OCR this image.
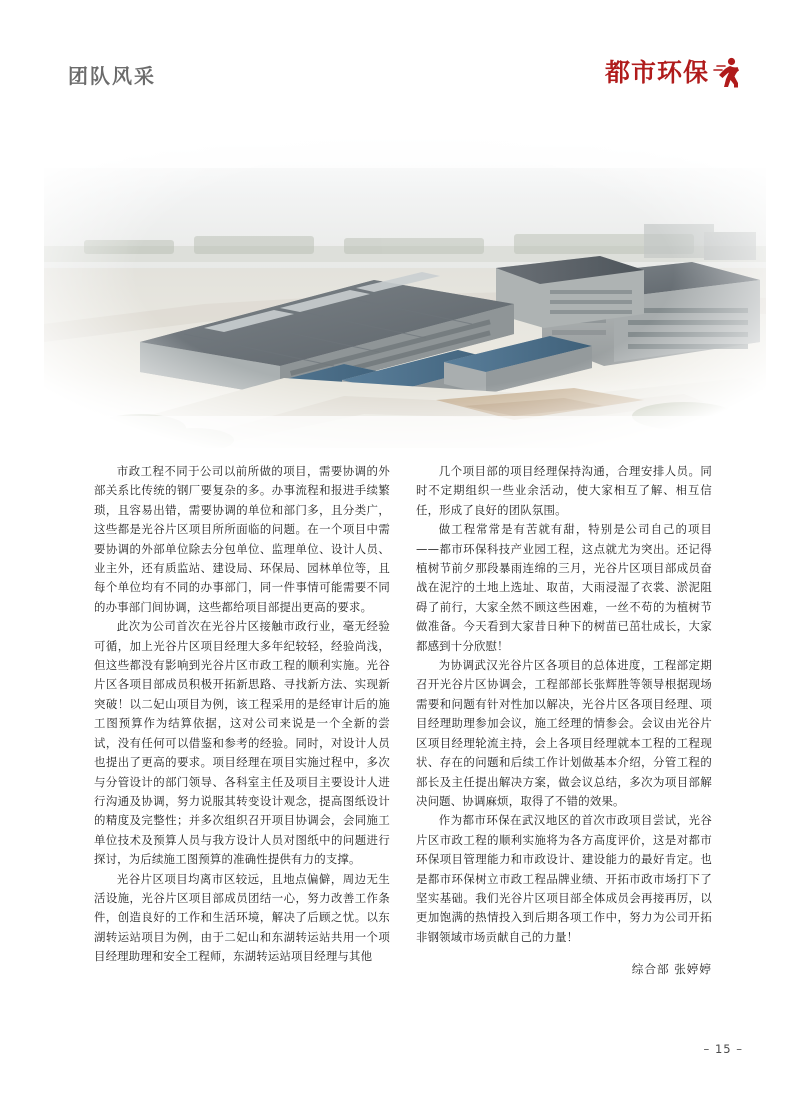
团队风采	都市环保

市政工程不同于公司以前所做的项目，需要协调的外部关系比传统的钢厂要复杂的多。办事流程和报进手续繁琐，且容易出错，需要协调的单位和部门多，且分类广，这些都是光谷片区项目所所面临的问题。在一个项目中需要协调的外部单位除去分包单位、监理单位、设计人员、业主外，还有质监站、建设局、环保局、园林单位等，且每个单位均有不同的办事部门，同一件事情可能需要不同的办事部门间协调，这些都给项目部提出更高的要求。

此次为公司首次在光谷片区接触市政行业，毫无经验可循，加上光谷片区项目经理大多年纪较轻，经验尚浅，但这些都没有影响到光谷片区市政工程的顺利实施。光谷片区各项目部成员积极开拓新思路、寻找新方法、实现新突破！以二妃山项目为例，该工程采用的是经审计后的施工图预算作为结算依据，这对公司来说是一个全新的尝试，没有任何可以借鉴和参考的经验。同时，对设计人员也提出了更高的要求。项目经理在项目实施过程中，多次与分管设计的部门领导、各科室主任及项目主要设计人进行沟通及协调，努力说服其转变设计观念，提高图纸设计的精度及完整性；并多次组织召开项目协调会，会同施工单位技术及预算人员与我方设计人员对图纸中的问题进行探讨，为后续施工图预算的准确性提供有力的支撑。

光谷片区项目均离市区较远，且地点偏僻，周边无生活设施，光谷片区项目部成员团结一心，努力改善工作条件，创造良好的工作和生活环境，解决了后顾之忧。以东湖转运站项目为例，由于二妃山和东湖转运站共用一个项目经理助理和安全工程师，东湖转运站项目经理与其他

几个项目部的项目经理保持沟通，合理安排人员。同时不定期组织一些业余活动，使大家相互了解、相互信任，形成了良好的团队氛围。

做工程常常是有苦就有甜，特别是公司自己的项目——都市环保科技产业园工程，这点就尤为突出。还记得植树节前夕那段暴雨连绵的三月，光谷片区项目部成员奋战在泥泞的土地上选址、取苗，大雨浸湿了衣裳、淤泥阻碍了前行，大家全然不顾这些困难，一丝不苟的为植树节做准备。今天看到大家昔日种下的树苗已茁壮成长，大家都感到十分欣慰！

为协调武汉光谷片区各项目的总体进度，工程部定期召开光谷片区协调会，工程部部长张辉胜等领导根据现场需要和问题有针对性加以解决，光谷片区各项目经理、项目经理助理参加会议，施工经理的情参会。会议由光谷片区项目经理轮流主持，会上各项目经理就本工程的工程现状、存在的问题和后续工作计划做基本介绍，分管工程的部长及主任提出解决方案，做会议总结，多次为项目部解决问题、协调麻烦，取得了不错的效果。

作为都市环保在武汉地区的首次市政项目尝试，光谷片区市政工程的顺利实施将为各方高度评价，这是对都市环保项目管理能力和市政设计、建设能力的最好肯定。也是都市环保树立市政工程品牌业绩、开拓市政市场打下了坚实基础。我们光谷片区项目部全体成员会再接再厉，以更加饱满的热情投入到后期各项工作中，努力为公司开拓非钢领域市场贡献自己的力量！

综合部 张婷婷
– 15 –
